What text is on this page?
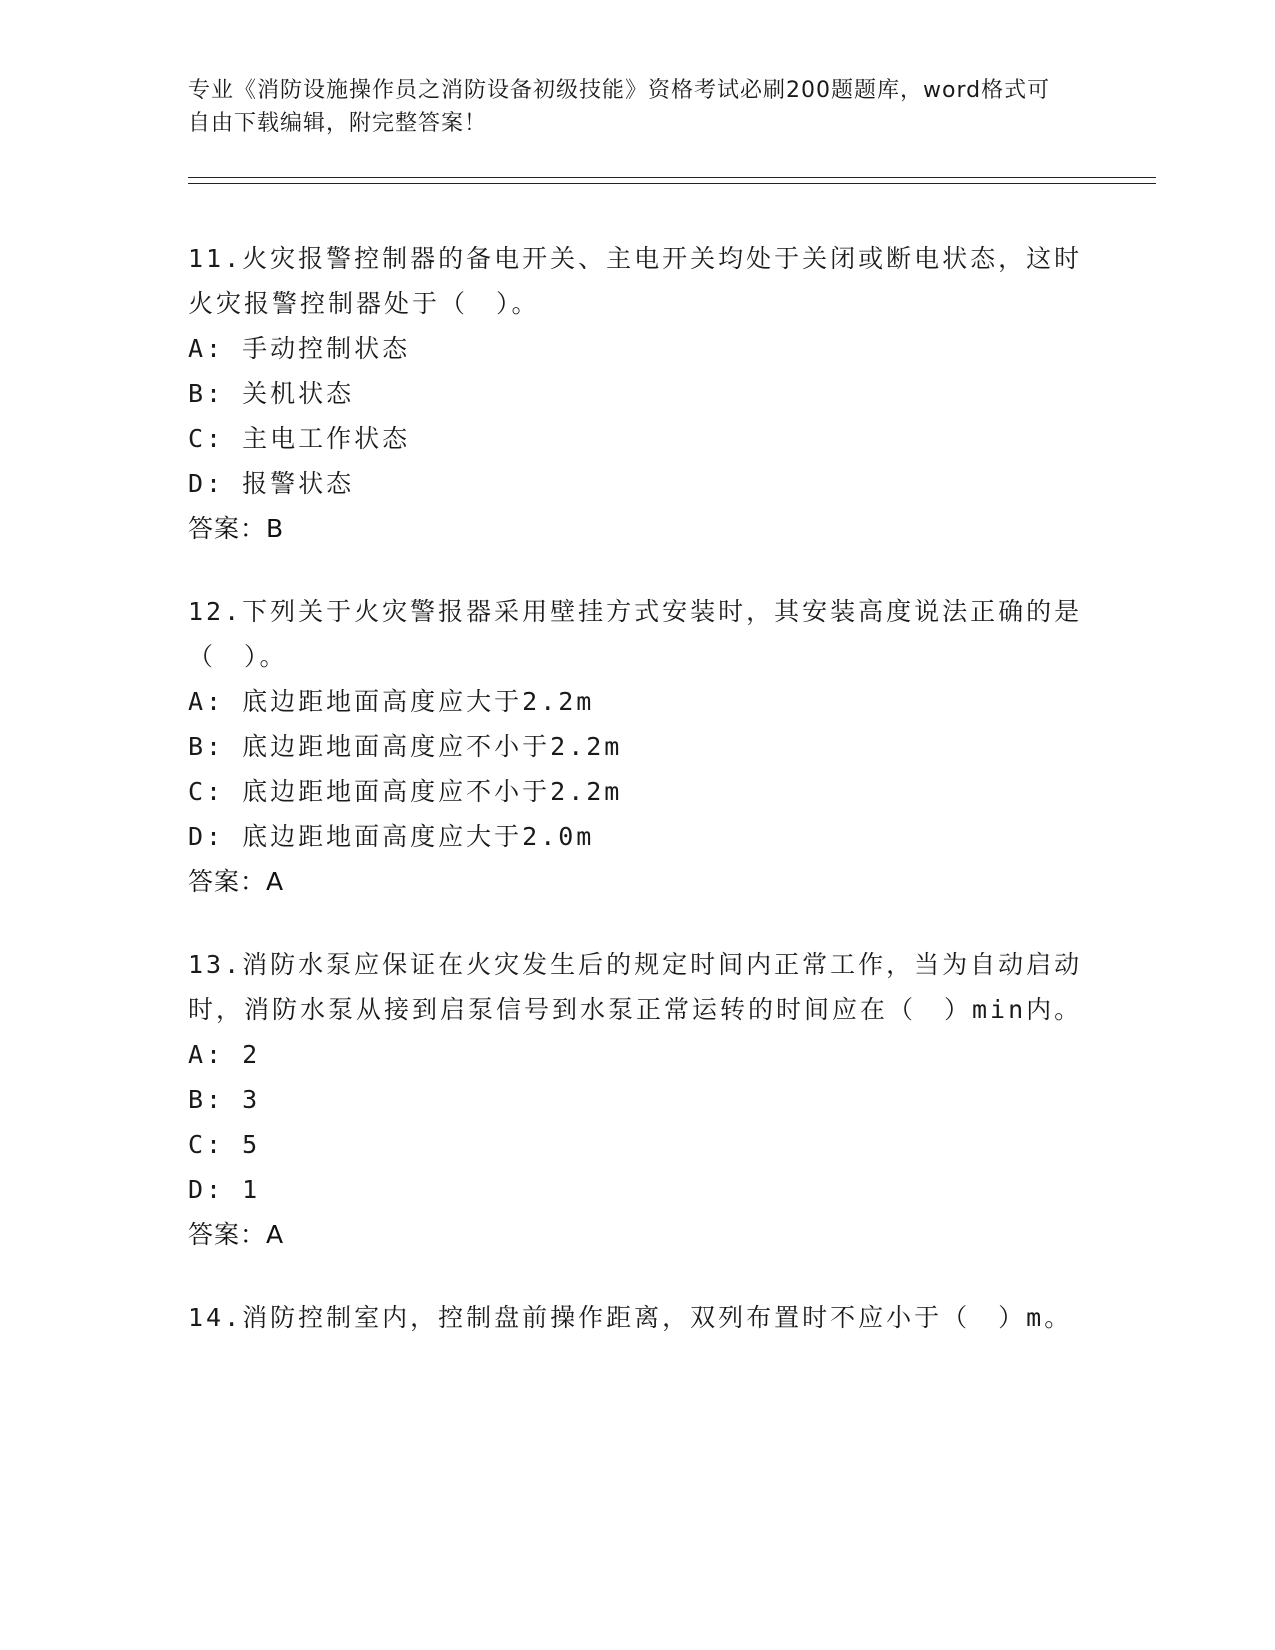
专业《消防设施操作员之消防设备初级技能》资格考试必刷200题题库，word格式可自由下载编辑，附完整答案！
11.火灾报警控制器的备电开关、主电开关均处于关闭或断电状态，这时火灾报警控制器处于（　）。
A: 手动控制状态
B: 关机状态
C: 主电工作状态
D: 报警状态
答案：B
12.下列关于火灾警报器采用壁挂方式安装时，其安装高度说法正确的是（　）。
A: 底边距地面高度应大于2.2m
B: 底边距地面高度应不小于2.2m
C: 底边距地面高度应不小于2.2m
D: 底边距地面高度应大于2.0m
答案：A
13.消防水泵应保证在火灾发生后的规定时间内正常工作，当为自动启动时，消防水泵从接到启泵信号到水泵正常运转的时间应在（　）min内。
A: 2
B: 3
C: 5
D: 1
答案：A
14.消防控制室内，控制盘前操作距离，双列布置时不应小于（　）m。
